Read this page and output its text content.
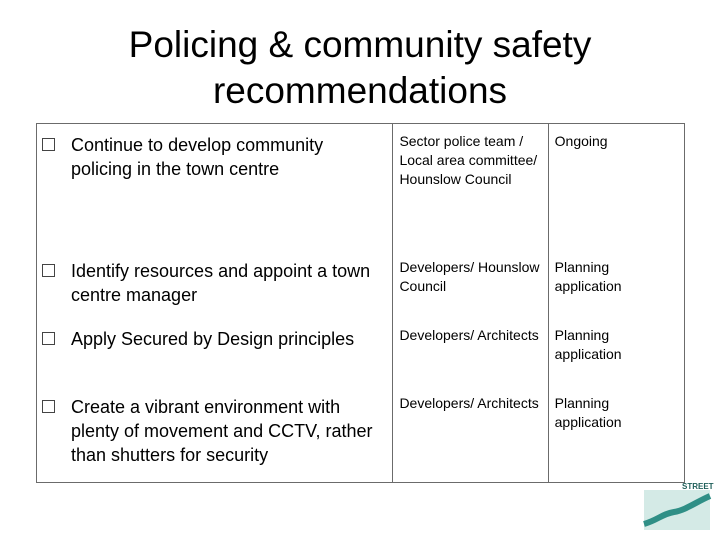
Policing & community safety recommendations
Continue to develop community policing in the town centre	Sector police team / Local area committee/ Hounslow Council	Ongoing

Identify resources and appoint a town centre manager	Developers/ Hounslow Council	Planning application

Apply Secured by Design principles	Developers/ Architects	Planning application

Create a vibrant environment with plenty of movement and CCTV, rather than shutters for security	Developers/ Architects	Planning application
STREET
